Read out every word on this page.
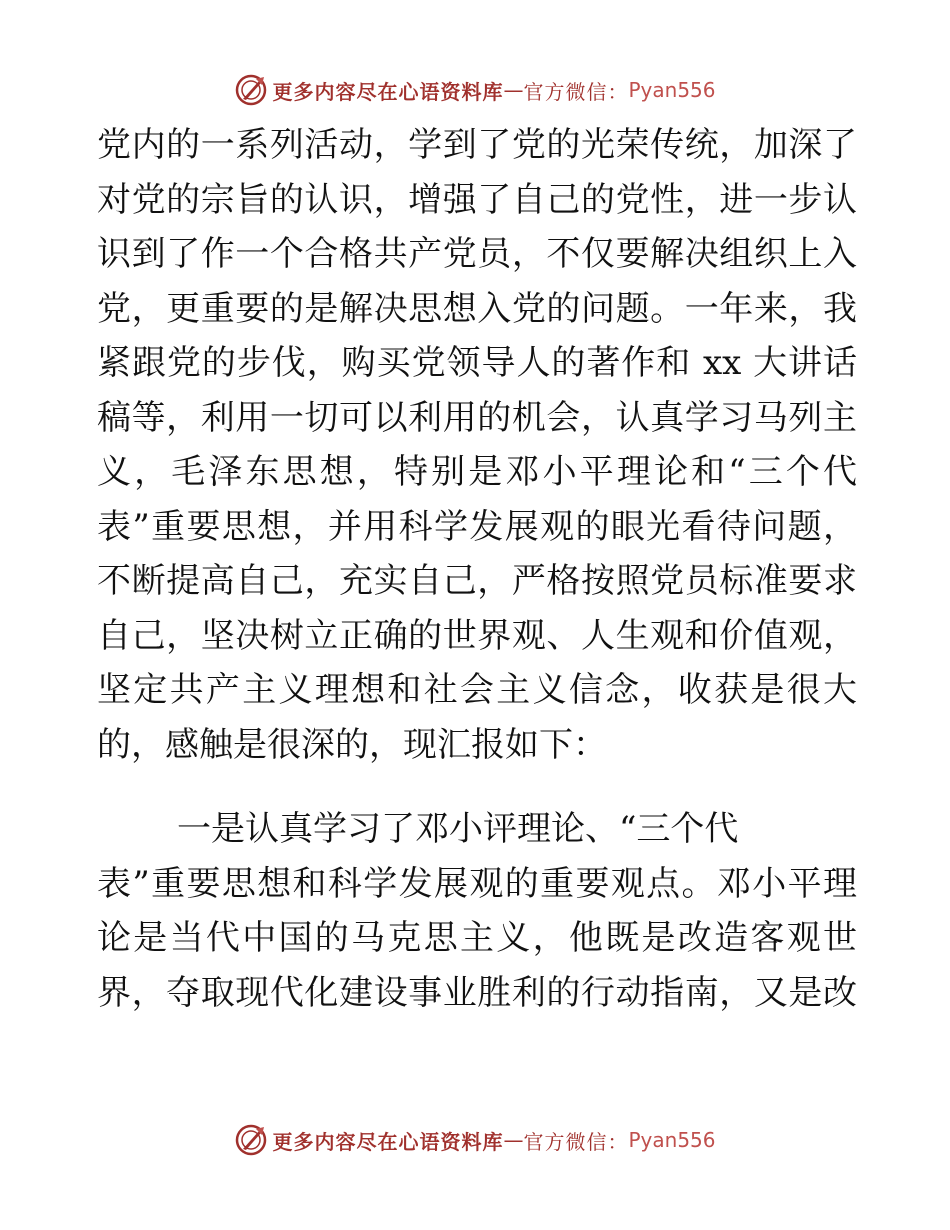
更多内容尽在心语资料库 — 官方微信： Pyan556
党内的一系列活动，学到了党的光荣传统，加深了
对党的宗旨的认识，增强了自己的党性，进一步认
识到了作一个合格共产党员，不仅要解决组织上入
党，更重要的是解决思想入党的问题。一年来，我
紧跟党的步伐，购买党领导人的著作和 xx 大讲话
稿等，利用一切可以利用的机会，认真学习马列主
义，毛泽东思想，特别是邓小平理论和“三个代
表”重要思想，并用科学发展观的眼光看待问题，
不断提高自己，充实自己，严格按照党员标准要求
自己，坚决树立正确的世界观、人生观和价值观，
坚定共产主义理想和社会主义信念，收获是很大
的，感触是很深的，现汇报如下：
一是认真学习了邓小评理论、“三个代
表”重要思想和科学发展观的重要观点。邓小平理
论是当代中国的马克思主义，他既是改造客观世
界，夺取现代化建设事业胜利的行动指南，又是改
更多内容尽在心语资料库 — 官方微信： Pyan556
